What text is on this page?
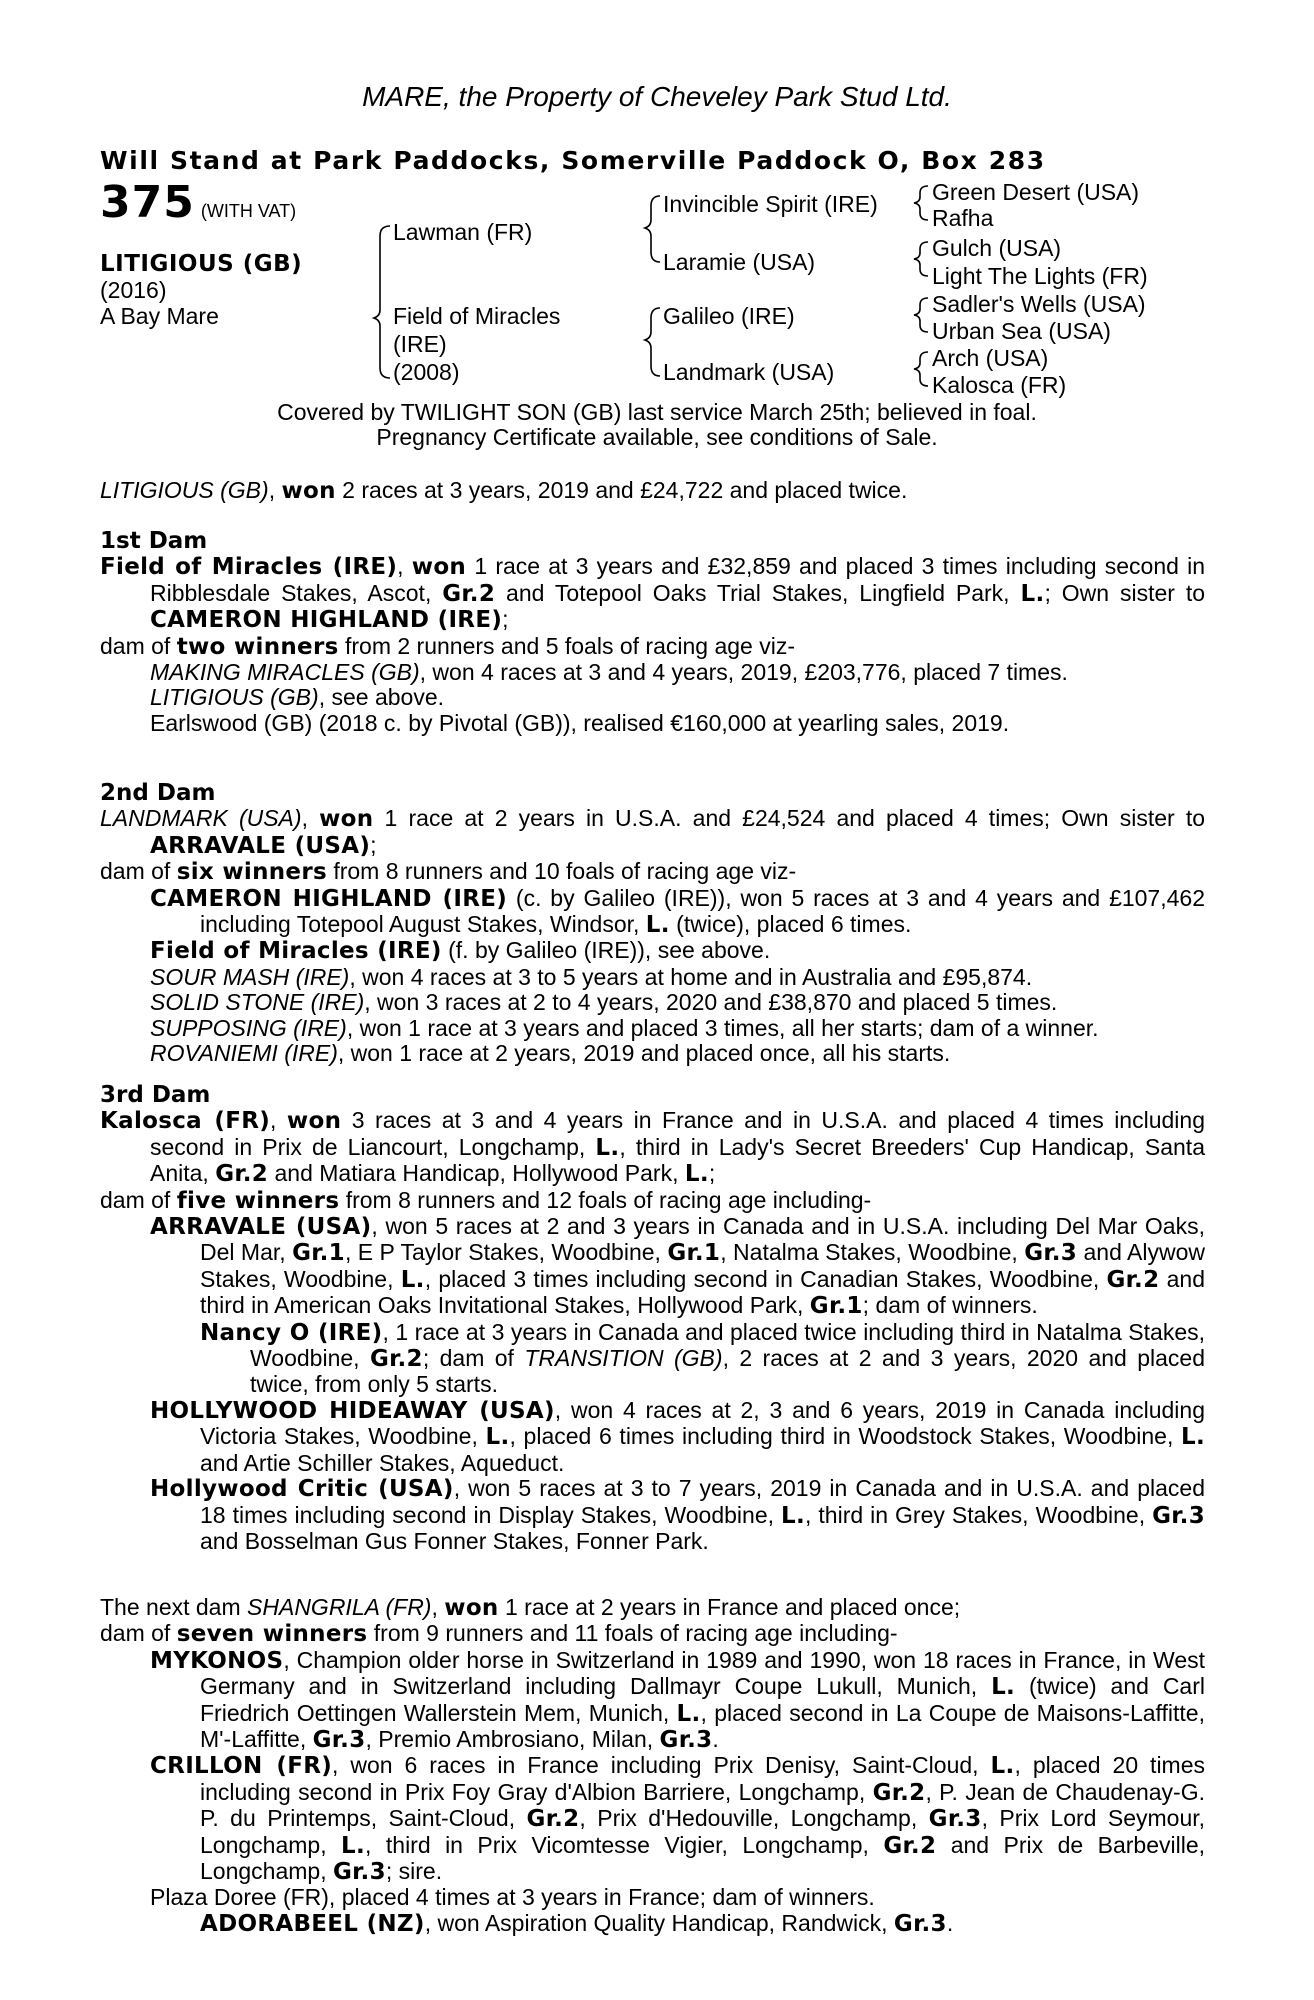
MARE, the Property of Cheveley Park Stud Ltd.
Will Stand at Park Paddocks, Somerville Paddock O, Box 283
375 (WITH VAT)
LITIGIOUS (GB)
(2016)
A Bay Mare
Lawman (FR)
Field of Miracles
(IRE)
(2008)
Invincible Spirit (IRE)
Laramie (USA)
Galileo (IRE)
Landmark (USA)
Green Desert (USA)
Rafha
Gulch (USA)
Light The Lights (FR)
Sadler's Wells (USA)
Urban Sea (USA)
Arch (USA)
Kalosca (FR)
Covered by TWILIGHT SON (GB) last service March 25th; believed in foal.
Pregnancy Certificate available, see conditions of Sale.

LITIGIOUS (GB), won 2 races at 3 years, 2019 and £24,722 and placed twice.

1st Dam

Field of Miracles (IRE), won 1 race at 3 years and £32,859 and placed 3 times including second in Ribblesdale Stakes, Ascot, Gr.2 and Totepool Oaks Trial Stakes, Lingfield Park, L.; Own sister to CAMERON HIGHLAND (IRE);

dam of two winners from 2 runners and 5 foals of racing age viz-

MAKING MIRACLES (GB), won 4 races at 3 and 4 years, 2019, £203,776, placed 7 times.

LITIGIOUS (GB), see above.

Earlswood (GB) (2018 c. by Pivotal (GB)), realised €160,000 at yearling sales, 2019.

2nd Dam

LANDMARK (USA), won 1 race at 2 years in U.S.A. and £24,524 and placed 4 times; Own sister to ARRAVALE (USA);

dam of six winners from 8 runners and 10 foals of racing age viz-

CAMERON HIGHLAND (IRE) (c. by Galileo (IRE)), won 5 races at 3 and 4 years and £107,462 including Totepool August Stakes, Windsor, L. (twice), placed 6 times.

Field of Miracles (IRE) (f. by Galileo (IRE)), see above.

SOUR MASH (IRE), won 4 races at 3 to 5 years at home and in Australia and £95,874.

SOLID STONE (IRE), won 3 races at 2 to 4 years, 2020 and £38,870 and placed 5 times.

SUPPOSING (IRE), won 1 race at 3 years and placed 3 times, all her starts; dam of a winner.

ROVANIEMI (IRE), won 1 race at 2 years, 2019 and placed once, all his starts.

3rd Dam

Kalosca (FR), won 3 races at 3 and 4 years in France and in U.S.A. and placed 4 times including second in Prix de Liancourt, Longchamp, L., third in Lady's Secret Breeders' Cup Handicap, Santa Anita, Gr.2 and Matiara Handicap, Hollywood Park, L.;

dam of five winners from 8 runners and 12 foals of racing age including-

ARRAVALE (USA), won 5 races at 2 and 3 years in Canada and in U.S.A. including Del Mar Oaks, Del Mar, Gr.1, E P Taylor Stakes, Woodbine, Gr.1, Natalma Stakes, Woodbine, Gr.3 and Alywow Stakes, Woodbine, L., placed 3 times including second in Canadian Stakes, Woodbine, Gr.2 and third in American Oaks Invitational Stakes, Hollywood Park, Gr.1; dam of winners.

Nancy O (IRE), 1 race at 3 years in Canada and placed twice including third in Natalma Stakes, Woodbine, Gr.2; dam of TRANSITION (GB), 2 races at 2 and 3 years, 2020 and placed twice, from only 5 starts.

HOLLYWOOD HIDEAWAY (USA), won 4 races at 2, 3 and 6 years, 2019 in Canada including Victoria Stakes, Woodbine, L., placed 6 times including third in Woodstock Stakes, Woodbine, L. and Artie Schiller Stakes, Aqueduct.

Hollywood Critic (USA), won 5 races at 3 to 7 years, 2019 in Canada and in U.S.A. and placed 18 times including second in Display Stakes, Woodbine, L., third in Grey Stakes, Woodbine, Gr.3 and Bosselman Gus Fonner Stakes, Fonner Park.

The next dam SHANGRILA (FR), won 1 race at 2 years in France and placed once;

dam of seven winners from 9 runners and 11 foals of racing age including-

MYKONOS, Champion older horse in Switzerland in 1989 and 1990, won 18 races in France, in West Germany and in Switzerland including Dallmayr Coupe Lukull, Munich, L. (twice) and Carl Friedrich Oettingen Wallerstein Mem, Munich, L., placed second in La Coupe de Maisons-Laffitte, M'-Laffitte, Gr.3, Premio Ambrosiano, Milan, Gr.3.

CRILLON (FR), won 6 races in France including Prix Denisy, Saint-Cloud, L., placed 20 times including second in Prix Foy Gray d'Albion Barriere, Longchamp, Gr.2, P. Jean de Chaudenay-G. P. du Printemps, Saint-Cloud, Gr.2, Prix d'Hedouville, Longchamp, Gr.3, Prix Lord Seymour, Longchamp, L., third in Prix Vicomtesse Vigier, Longchamp, Gr.2 and Prix de Barbeville, Longchamp, Gr.3; sire.

Plaza Doree (FR), placed 4 times at 3 years in France; dam of winners.

ADORABEEL (NZ), won Aspiration Quality Handicap, Randwick, Gr.3.
